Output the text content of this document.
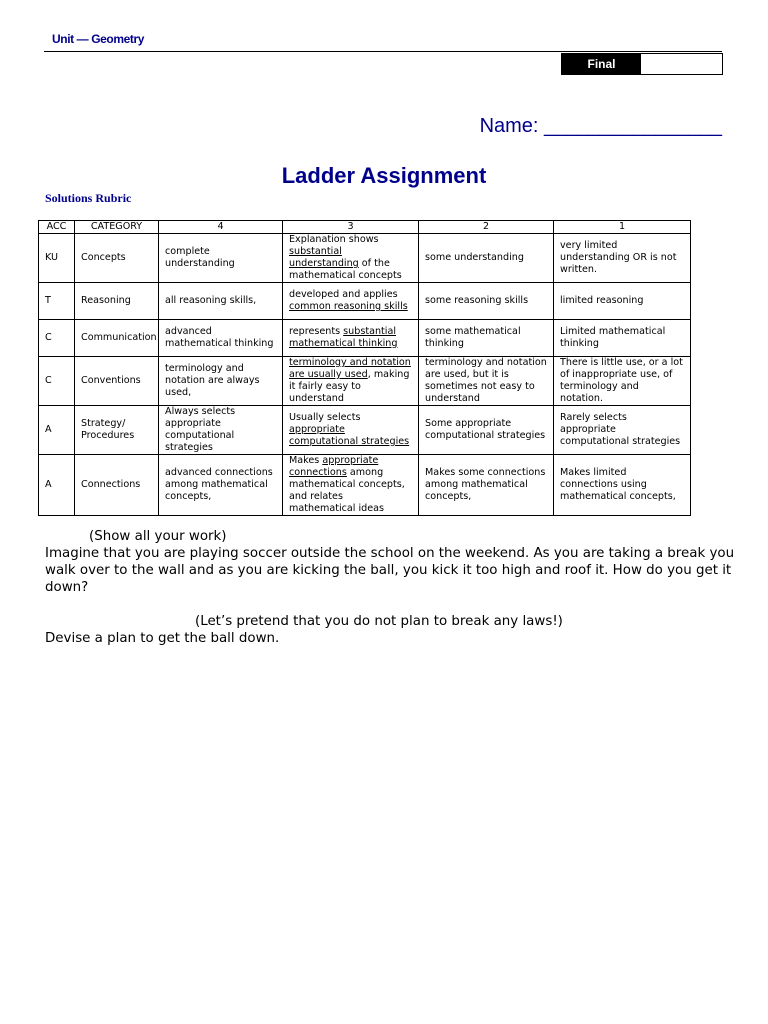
Unit — Geometry
Final
Name: ________________
Ladder Assignment
Solutions Rubric
ACC	CATEGORY	4	3	2	1
KU	Concepts	complete understanding	Explanation shows substantial understanding of the mathematical concepts	some understanding	very limited understanding OR is not written.
T	Reasoning	all reasoning skills,	developed and applies common reasoning skills	some reasoning skills	limited reasoning
C	Communication	advanced mathematical thinking	represents substantial mathematical thinking	some mathematical thinking	Limited mathematical thinking
C	Conventions	terminology and notation are always used,	terminology and notation are usually used, making it fairly easy to understand	terminology and notation are used, but it is sometimes not easy to understand	There is little use, or a lot of inappropriate use, of terminology and notation.
A	Strategy/ Procedures	Always selects appropriate computational strategies	Usually selects appropriate computational strategies	Some appropriate computational strategies	Rarely selects appropriate computational strategies
A	Connections	advanced connections among mathematical concepts,	Makes appropriate connections among mathematical concepts, and relates mathematical ideas	Makes some connections among mathematical concepts,	Makes limited connections using mathematical concepts,

(Show all your work)

Imagine that you are playing soccer outside the school on the weekend. As you are taking a break you walk over to the wall and as you are kicking the ball, you kick it too high and roof it. How do you get it down?

(Let’s pretend that you do not plan to break any laws!)

Devise a plan to get the ball down.
